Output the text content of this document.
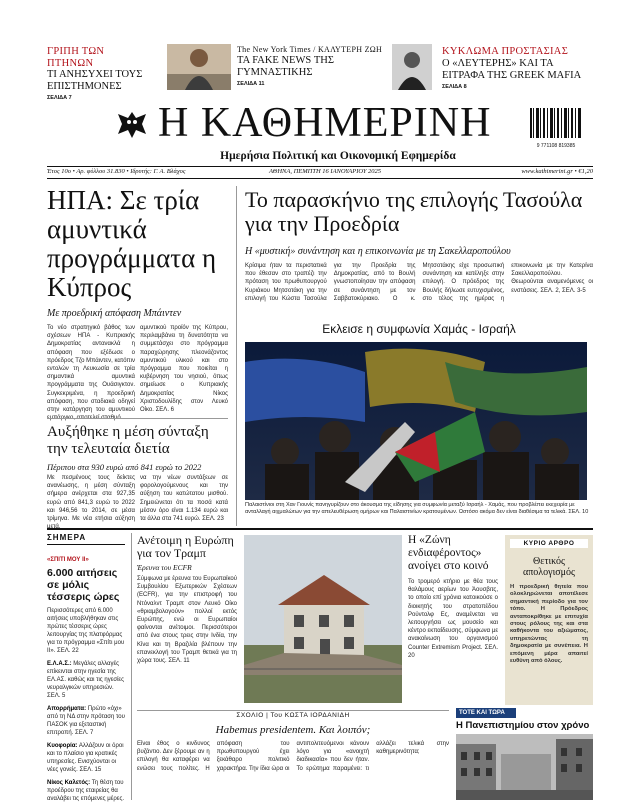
ΓΡΙΠΗ ΤΩΝ ΠΤΗΝΩΝ
ΤΙ ΑΝΗΣΥΧΕΙ ΤΟΥΣ ΕΠΙΣΤΗΜΟΝΕΣ
ΣΕΛΙΔΑ 7
The New York Times / ΚΑΛΥΤΕΡΗ ΖΩΗ
ΤΑ FAKE NEWS ΤΗΣ ΓΥΜΝΑΣΤΙΚΗΣ
ΣΕΛΙΔΑ 11
ΚΥΚΛΩΜΑ ΠΡΟΣΤΑΣΙΑΣ
Ο «ΛΕΥΤΕΡΗΣ» ΚΑΙ ΤΑ ΕΙΤΡΑΦΑ ΤΗΣ GREEK MAFIA
ΣΕΛΙΔΑ 8
Η ΚΑΘΗΜΕΡΙΝΗ
Ημερήσια Πολιτική και Οικονομική Εφημερίδα
9 771108 819385
Έτος 10ο • Αρ. φύλλου 31.830 • Ιδρυτής: Γ. Α. Βλάχος	ΑΘΗΝΑ, ΠΕΜΠΤΗ 16 ΙΑΝΟΥΑΡΙΟΥ 2025	www.kathimerini.gr • €1,20
ΗΠΑ: Σε τρία αμυντικά προγράμματα η Κύπρος
Με προεδρική απόφαση Μπάιντεν
Το νέο στρατηγικό βάθος των σχέσεων ΗΠΑ - Κυπριακής Δημοκρατίας αντανακλά η απόφαση που εξέδωσε ο πρόεδρος Τζο Μπάιντεν, κατόπιν εντολών τη Λευκωσία σε τρία σημαντικά αμυντικά προγράμματα της Ουάσιγκτον. Συγκεκριμένα, η προεδρική απόφαση, που σταδιακά οδηγεί στην κατάργηση του αμυντικού
αμυντικού προϊόν της Κύπρου, περιλαμβάνει τη δυνατότητα να συμμετάσχει στο πρόγραμμα παραχώρησης πλεονάζοντος αμυντικού υλικού και στο πρόγραμμα που ποιείται η κυβέρνηση του νησιού, όπως σημείωσε ο Κυπριακής Δημοκρατίας Νίκος Χριστοδουλίδης στον Λευκό Οίκο. ΣΕΛ. 6
Αυξήθηκε η μέση σύνταξη την τελευταία διετία
Πέριπου στα 930 ευρώ από 841 ευρώ το 2022
Με πεσμένους τους δείκτες ανανέωσης, η μέση σύνταξη σήμερα ανέρχεται στα 927,35 ευρώ από 841,3 ευρώ το 2022 και 946,56 το 2014, σε μέσα τρίμηνα. Με νέα ετήσια αύξηση
να την νέων συντάξεων σε φορολογούμενους και την αύξηση του κατώτατου μισθού. Σημειώνεται ότι τα ποσά κατά μέσον όρο είναι 1.134 ευρώ και τα άλλα στα 741 ευρώ. ΣΕΛ. 23
Το παρασκήνιο της επιλογής Τασούλα για την Προεδρία
Η «μυστική» συνάντηση και η επικοινωνία με τη Σακελλαροπούλου
Κρίσιμα ήταν τα περιστατικά που έθεσαν στο τραπέζι την πρόταση του πρωθυπουργού Κυριάκου Μητσοτάκη για την επιλογή του Κώστα Τασούλα για την Προεδρία της Δημοκρατίας, από το Βουλή γνωστοποίησαν την απόφαση σε συνάντηση με τον Σαββατοκύριακο. Ο κ. Μητσοτάκης είχε προσωπική συνάντηση και κατέληξε στην επιλογή. Ο πρόεδρος της Βουλής δήλωσε ευτυχισμένος, στο τέλος της ημέρας η επικοινωνία με την Κατερίνα Σακελλαροπούλου. Θεωρούνται αναμενόμενες οι ενστάσεις. ΣΕΛ. 2, ΣΕΛ. 3-5
Εκλεισε η συμφωνία Χαμάς - Ισραήλ
Παλαιστίνιοι στη Χαν Γιουνίς πανηγυρίζουν στο άκουσμα της είδησης για συμφωνία μεταξύ Ισραήλ - Χαμάς, που προβλέπει εκεχειρία με ανταλλαγή αιχμαλώτων για την απελευθέρωση ομήρων και Παλαιστινίων κρατουμένων. Ωστόσο ακόμα δεν είναι διαθέσιμα τα τελικά. ΣΕΛ. 10
ΣΗΜΕΡΑ
«ΣΠΙΤΙ ΜΟΥ ΙΙ»
6.000 αιτήσεις σε μόλις τέσσερις ώρες
Περισσότερες από 6.000 αιτήσεις υποβλήθηκαν στις πρώτες τέσσερις ώρες λειτουργίας της πλατφόρμας για το πρόγραμμα «Σπίτι μου ΙΙ». ΣΕΛ. 22
Ε.Λ.Α.Σ.: Μεγάλες αλλαγές επίκεινται στην ηγεσία της ΕΛ.ΑΣ. καθώς και τις ηγεσίες νευραλγικών υπηρεσιών. ΣΕΛ. 5
Απορρήματα: Πρώτο «όχι» από τη ΝΔ στην πρόταση του ΠΑΣΟΚ για εξεταστική επιτροπή. ΣΕΛ. 7
Κυοφορία: Αλλάζουν οι όροι και το πλαίσιο για κρατικές υπηρεσίες. Ενισχύονται οι νέες γονείς. ΣΕΛ. 15
Νίκος Καλετός: Τη θέση του προέδρου της εταιρείας θα αναλάβει τις επόμενες μέρες.
Ανέτοιμη η Ευρώπη για τον Τραμπ
Έρευνα του ECFR
Σύμφωνα με έρευνα του Ευρωπαϊκού Συμβουλίου Εξωτερικών Σχέσεων (ECFR), για την επιστροφή του Ντόναλντ Τραμπ στον Λευκό Οίκο «θριαμβολογούν» πολλοί εκτός Ευρώπης, ενώ οι Ευρωπαίοι φαίνονται ανέτοιμοι. Περισσότεροι από ένα στους τρεις στην Ινδία, την Κίνα και τη Βραζιλία βλέπουν την επανεκλογή του Τραμπ θετικά για τη χώρα τους. ΣΕΛ. 11
Η «Ζώνη ενδιαφέροντος» ανοίγει στο κοινό
Το τρομερό κτήριο με θέα τους θαλάμους αερίων του Άουσβιτς, το οποίο επί χρόνια κατοικούσε ο διοικητής του στρατοπέδου Ρούντολφ Ες, αναμένεται να λειτουργήσει ως μουσείο και κέντρο εκπαίδευσης, σύμφωνα με ανακοίνωση του οργανισμού Counter Extremism Project. ΣΕΛ. 20
ΚΥΡΙΟ ΑΡΘΡΟ
Θετικός απολογισμός
Η προεδρική θητεία που ολοκληρώνεται αποτέλεσε σημαντική περίοδο για τον τόπο. Η Πρόεδρος ανταποκρίθηκε με επιτυχία στους ρόλους της και στα καθήκοντα του αξιώματος, υπηρετώντας τη δημοκρατία με συνέπεια. Η επόμενη μέρα απαιτεί ευθύνη από όλους.
ΣΧΟΛΙΟ | Του ΚΩΣΤΑ ΙΟΡΔΑΝΙΔΗ
Habemus presidentem. Και λοιπόν;
Είναι έθος ο κινδυνος βυζάντιο. Δεν ξέρουμε αν η επιλογή θα καταφέρει να ενώσει τους πολίτες. Η απόφαση του πρωθυπουργού έχει ξεκάθαρο πολιτικό χαρακτήρα. Την ίδια ώρα οι αντιπολιτευόμενοι κάνουν λόγο για «ανοιχτή διαδικασία» που δεν ήταν. Το ερώτημα παραμένει: τι αλλάζει τελικά στην καθημερινότητα;
ΤΟΤΕ ΚΑΙ ΤΩΡΑ
Η Πανεπιστημίου στον χρόνο
